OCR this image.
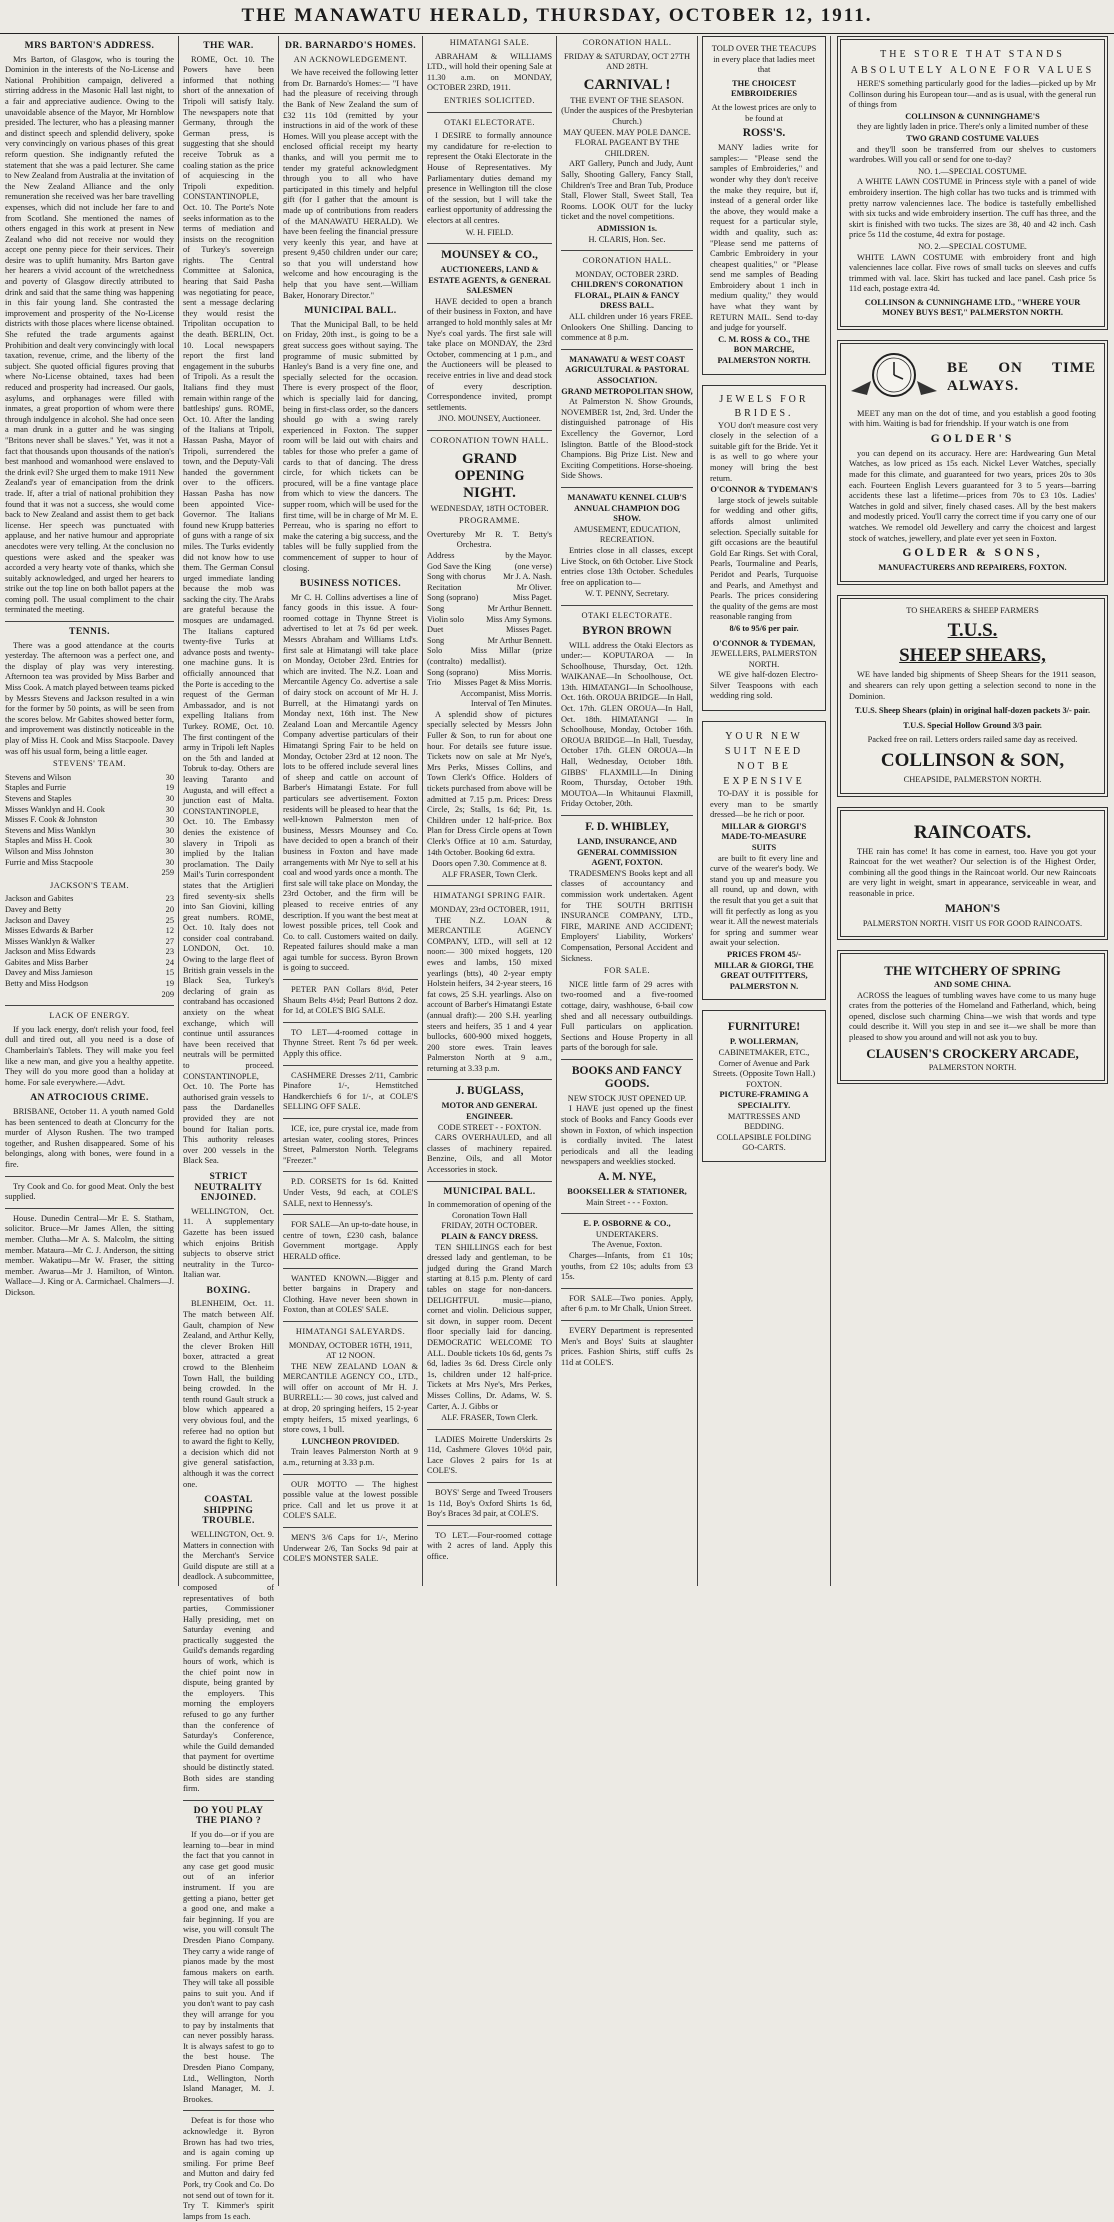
THE MANAWATU HERALD, THURSDAY, OCTOBER 12, 1911.
MRS BARTON'S ADDRESS.

Mrs Barton, of Glasgow, who is touring the Dominion in the interests of the No-License and National Prohibition campaign, delivered a stirring address in the Masonic Hall last night, to a fair and appreciative audience. Owing to the unavoidable absence of the Mayor, Mr Hornblow presided. The lecturer, who has a pleasing manner and distinct speech and splendid delivery, spoke very convincingly on various phases of this great reform question. She indignantly refuted the statement that she was a paid lecturer. She came to New Zealand from Australia at the invitation of the New Zealand Alliance and the only remuneration she received was her bare travelling expenses, which did not include her fare to and from Scotland. She mentioned the names of others engaged in this work at present in New Zealand who did not receive nor would they accept one penny piece for their services. Their desire was to uplift humanity. Mrs Barton gave her hearers a vivid account of the wretchedness and poverty of Glasgow directly attributed to drink and said that the same thing was happening in this fair young land. She contrasted the improvement and prosperity of the No-License districts with those places where license obtained. She refuted the trade arguments against Prohibition and dealt very convincingly with local taxation, revenue, crime, and the liberty of the subject. She quoted official figures proving that where No-License obtained, taxes had been reduced and prosperity had increased. Our gaols, asylums, and orphanages were filled with inmates, a great proportion of whom were there through indulgence in alcohol. She had once seen a man drunk in a gutter and he was singing "Britons never shall be slaves." Yet, was it not a fact that thousands upon thousands of the nation's best manhood and womanhood were enslaved to the drink evil? She urged them to make 1911 New Zealand's year of emancipation from the drink trade. If, after a trial of national prohibition they found that it was not a success, she would come back to New Zealand and assist them to get back license. Her speech was punctuated with applause, and her native humour and appropriate anecdotes were very telling. At the conclusion no questions were asked and the speaker was accorded a very hearty vote of thanks, which she suitably acknowledged, and urged her hearers to strike out the top line on both ballot papers at the coming poll. The usual compliment to the chair terminated the meeting.

TENNIS.

There was a good attendance at the courts yesterday. The afternoon was a perfect one, and the display of play was very interesting. Afternoon tea was provided by Miss Barber and Miss Cook. A match played between teams picked by Messrs Stevens and Jackson resulted in a win for the former by 50 points, as will be seen from the scores below. Mr Gabites showed better form, and improvement was distinctly noticeable in the play of Miss H. Cook and Miss Stacpoole. Davey was off his usual form, being a little eager.

STEVENS' TEAM.
Stevens and Wilson	30
Staples and Furrie	19
Stevens and Staples	30
Misses Wanklyn and H. Cook	30
Misses F. Cook & Johnston	30
Stevens and Miss Wanklyn	30
Staples and Miss H. Cook	30
Wilson and Miss Johnston	30
Furrie and Miss Stacpoole	30
259
JACKSON'S TEAM.
Jackson and Gabites	23
Davey and Betty	20
Jackson and Davey	25
Misses Edwards & Barber	12
Misses Wanklyn & Walker	27
Jackson and Miss Edwards	23
Gabites and Miss Barber	24
Davey and Miss Jamieson	15
Betty and Miss Hodgson	19
209
LACK OF ENERGY.

If you lack energy, don't relish your food, feel dull and tired out, all you need is a dose of Chamberlain's Tablets. They will make you feel like a new man, and give you a healthy appetite. They will do you more good than a holiday at home. For sale everywhere.—Advt.

AN ATROCIOUS CRIME.

BRISBANE, October 11. A youth named Gold has been sentenced to death at Cloncurry for the murder of Alyson Rushen. The two tramped together, and Rushen disappeared. Some of his belongings, along with bones, were found in a fire.

Try Cook and Co. for good Meat. Only the best supplied.

House. Dunedin Central—Mr E. S. Statham, solicitor. Bruce—Mr James Allen, the sitting member. Clutha—Mr A. S. Malcolm, the sitting member. Mataura—Mr C. J. Anderson, the sitting member. Wakatipu—Mr W. Fraser, the sitting member. Awarua—Mr J. Hamilton, of Winton. Wallace—J. King or A. Carmichael. Chalmers—J. Dickson.

THE WAR.

ROME, Oct. 10. The Powers have been informed that nothing short of the annexation of Tripoli will satisfy Italy. The newspapers note that Germany, through the German press, is suggesting that she should receive Tobruk as a coaling station as the price of acquiescing in the Tripoli expedition. CONSTANTINOPLE, Oct. 10. The Porte's Note seeks information as to the terms of mediation and insists on the recognition of Turkey's sovereign rights. The Central Committee at Salonica, hearing that Said Pasha was negotiating for peace, sent a message declaring they would resist the Tripolitan occupation to the death. BERLIN, Oct. 10. Local newspapers report the first land engagement in the suburbs of Tripoli. As a result the Italians find they must remain within range of the battleships' guns. ROME, Oct. 10. After the landing of the Italians at Tripoli, Hassan Pasha, Mayor of Tripoli, surrendered the town, and the Deputy-Vali handed the government over to the officers. Hassan Pasha has now been appointed Vice-Governor. The Italians found new Krupp batteries of guns with a range of six miles. The Turks evidently did not know how to use them. The German Consul urged immediate landing because the mob was sacking the city. The Arabs are grateful because the mosques are undamaged. The Italians captured twenty-five Turks at advance posts and twenty-one machine guns. It is officially announced that the Porte is acceding to the request of the German Ambassador, and is not expelling Italians from Turkey. ROME, Oct. 10. The first contingent of the army in Tripoli left Naples on the 5th and landed at Tobruk to-day. Others are leaving Taranto and Augusta, and will effect a junction east of Malta. CONSTANTINOPLE, Oct. 10. The Embassy denies the existence of slavery in Tripoli as implied by the Italian proclamation. The Daily Mail's Turin correspondent states that the Artiglieri fired seventy-six shells into San Giovini, killing great numbers. ROME, Oct. 10. Italy does not consider coal contraband. LONDON, Oct. 10. Owing to the large fleet of British grain vessels in the Black Sea, Turkey's declaring of grain as contraband has occasioned anxiety on the wheat exchange, which will continue until assurances have been received that neutrals will be permitted to proceed. CONSTANTINOPLE, Oct. 10. The Porte has authorised grain vessels to pass the Dardanelles provided they are not bound for Italian ports. This authority releases over 200 vessels in the Black Sea.

STRICT NEUTRALITY ENJOINED.

WELLINGTON, Oct. 11. A supplementary Gazette has been issued which enjoins British subjects to observe strict neutrality in the Turco-Italian war.

BOXING.

BLENHEIM, Oct. 11. The match between Alf. Gault, champion of New Zealand, and Arthur Kelly, the clever Broken Hill boxer, attracted a great crowd to the Blenheim Town Hall, the building being crowded. In the tenth round Gault struck a blow which appeared a very obvious foul, and the referee had no option but to award the fight to Kelly, a decision which did not give general satisfaction, although it was the correct one.

COASTAL SHIPPING TROUBLE.

WELLINGTON, Oct. 9. Matters in connection with the Merchant's Service Guild dispute are still at a deadlock. A subcommittee, composed of representatives of both parties, Commissioner Hally presiding, met on Saturday evening and practically suggested the Guild's demands regarding hours of work, which is the chief point now in dispute, being granted by the employers. This morning the employers refused to go any further than the conference of Saturday's Conference, while the Guild demanded that payment for overtime should be distinctly stated. Both sides are standing firm.

DO YOU PLAY THE PIANO ?

If you do—or if you are learning to—bear in mind the fact that you cannot in any case get good music out of an inferior instrument. If you are getting a piano, better get a good one, and make a fair beginning. If you are wise, you will consult The Dresden Piano Company. They carry a wide range of pianos made by the most famous makers on earth. They will take all possible pains to suit you. And if you don't want to pay cash they will arrange for you to pay by instalments that can never possibly harass. It is always safest to go to the best house. The Dresden Piano Company, Ltd., Wellington, North Island Manager, M. J. Brookes.

Defeat is for those who acknowledge it. Byron Brown has had two tries, and is again coming up smiling. For prime Beef and Mutton and dairy fed Pork, try Cook and Co. Do not send out of town for it. Try T. Kimmer's spirit lamps from 1s each.

DR. BARNARDO'S HOMES.
AN ACKNOWLEDGEMENT.

We have received the following letter from Dr. Barnardo's Homes:— "I have had the pleasure of receiving through the Bank of New Zealand the sum of £32 11s 10d (remitted by your instructions in aid of the work of these Homes. Will you please accept with the enclosed official receipt my hearty thanks, and will you permit me to tender my grateful acknowledgment through you to all who have participated in this timely and helpful gift (for I gather that the amount is made up of contributions from readers of the MANAWATU HERALD). We have been feeling the financial pressure very keenly this year, and have at present 9,450 children under our care; so that you will understand how welcome and how encouraging is the help that you have sent.—William Baker, Honorary Director."

MUNICIPAL BALL.

That the Municipal Ball, to be held on Friday, 20th inst., is going to be a great success goes without saying. The programme of music submitted by Hanley's Band is a very fine one, and specially selected for the occasion. There is every prospect of the floor, which is specially laid for dancing, being in first-class order, so the dancers should go with a swing rarely experienced in Foxton. The supper room will be laid out with chairs and tables for those who prefer a game of cards to that of dancing. The dress circle, for which tickets can be procured, will be a fine vantage place from which to view the dancers. The supper room, which will be used for the first time, will be in charge of Mr M. E. Perreau, who is sparing no effort to make the catering a big success, and the tables will be fully supplied from the commencement of supper to hour of closing.

BUSINESS NOTICES.

Mr C. H. Collins advertises a line of fancy goods in this issue. A four-roomed cottage in Thynne Street is advertised to let at 7s 6d per week. Messrs Abraham and Williams Ltd's. first sale at Himatangi will take place on Monday, October 23rd. Entries for which are invited. The N.Z. Loan and Mercantile Agency Co. advertise a sale of dairy stock on account of Mr H. J. Burrell, at the Himatangi yards on Monday next, 16th inst. The New Zealand Loan and Mercantile Agency Company advertise particulars of their Himatangi Spring Fair to be held on Monday, October 23rd at 12 noon. The lots to be offered include several lines of sheep and cattle on account of Barber's Himatangi Estate. For full particulars see advertisement. Foxton residents will be pleased to hear that the well-known Palmerston men of business, Messrs Mounsey and Co. have decided to open a branch of their business in Foxton and have made arrangements with Mr Nye to sell at his coal and wood yards once a month. The first sale will take place on Monday, the 23rd October, and the firm will be pleased to receive entries of any description. If you want the best meat at lowest possible prices, tell Cook and Co. to call. Customers waited on daily. Repeated failures should make a man agai tumble for success. Byron Brown is going to succeed.

PETER PAN Collars 8½d, Peter Shaum Belts 4½d; Pearl Buttons 2 doz. for 1d, at COLE'S BIG SALE.

TO LET—4-roomed cottage in Thynne Street. Rent 7s 6d per week. Apply this office.

CASHMERE Dresses 2/11, Cambric Pinafore 1/-, Hemstitched Handkerchiefs 6 for 1/-, at COLE'S SELLING OFF SALE.

ICE, ice, pure crystal ice, made from artesian water, cooling stores, Princes Street, Palmerston North. Telegrams "Freezer."

P.D. CORSETS for 1s 6d. Knitted Under Vests, 9d each, at COLE'S SALE, next to Hennessy's.

FOR SALE—An up-to-date house, in centre of town, £230 cash, balance Government mortgage. Apply HERALD office.

WANTED KNOWN.—Bigger and better bargains in Drapery and Clothing. Have never been shown in Foxton, than at COLES' SALE.

HIMATANGI SALEYARDS.
MONDAY, OCTOBER 16TH, 1911, AT 12 NOON.

THE NEW ZEALAND LOAN & MERCANTILE AGENCY CO., LTD., will offer on account of Mr H. J. BURRELL:— 30 cows, just calved and at drop, 20 springing heifers, 15 2-year empty heifers, 15 mixed yearlings, 6 store cows, 1 bull.

LUNCHEON PROVIDED.

Train leaves Palmerston North at 9 a.m., returning at 3.33 p.m.

OUR MOTTO — The highest possible value at the lowest possible price. Call and let us prove it at COLE'S SALE.

MEN'S 3/6 Caps for 1/-, Merino Underwear 2/6, Tan Socks 9d pair at COLE'S MONSTER SALE.

HIMATANGI SALE.

ABRAHAM & WILLIAMS LTD., will hold their opening Sale at 11.30 a.m. on MONDAY, OCTOBER 23RD, 1911.

ENTRIES SOLICITED.
OTAKI ELECTORATE.

I DESIRE to formally announce my candidature for re-election to represent the Otaki Electorate in the House of Representatives. My Parliamentary duties demand my presence in Wellington till the close of the session, but I will take the earliest opportunity of addressing the electors at all centres.

W. H. FIELD.
MOUNSEY & CO.,
AUCTIONEERS, LAND & ESTATE AGENTS, & GENERAL SALESMEN

HAVE decided to open a branch of their business in Foxton, and have arranged to hold monthly sales at Mr Nye's coal yards. The first sale will take place on MONDAY, the 23rd October, commencing at 1 p.m., and the Auctioneers will be pleased to receive entries in live and dead stock of every description. Correspondence invited, prompt settlements.

JNO. MOUNSEY, Auctioneer.
CORONATION TOWN HALL.
GRAND OPENING NIGHT.
WEDNESDAY, 18TH OCTOBER.
PROGRAMME.
Overture by Mr R. T. Betty's Orchestra.
Address	by the Mayor.
God Save the King	(one verse)
Song with chorus Mr J. A. Nash.
Recitation	Mr Oliver.
Song (soprano)	Miss Paget.
Song	Mr Arthur Bennett.
Violin solo	Miss Amy Symons.
Duet	Misses Paget.
Song	Mr Arthur Bennett.
Solo (contralto)
Miss Millar (prize medallist).
Song (soprano)	Miss Morris.
Trio Misses Paget & Miss Morris.
Accompanist, Miss Morris.
Interval of Ten Minutes.

A splendid show of pictures specially selected by Messrs John Fuller & Son, to run for about one hour. For details see future issue. Tickets now on sale at Mr Nye's, Mrs Perks, Misses Collins, and Town Clerk's Office. Holders of tickets purchased from above will be admitted at 7.15 p.m. Prices: Dress Circle, 2s; Stalls, 1s 6d; Pit, 1s. Children under 12 half-price. Box Plan for Dress Circle opens at Town Clerk's Office at 10 a.m. Saturday, 14th October. Booking 6d extra.

Doors open 7.30. Commence at 8.
ALF FRASER, Town Clerk.
HIMATANGI SPRING FAIR.
MONDAY, 23rd OCTOBER, 1911,

THE N.Z. LOAN & MERCANTILE AGENCY COMPANY, LTD., will sell at 12 noon:— 300 mixed hoggets, 120 ewes and lambs, 150 mixed yearlings (btts), 40 2-year empty Holstein heifers, 34 2-year steers, 16 fat cows, 25 S.H. yearlings. Also on account of Barber's Himatangi Estate (annual draft):— 200 S.H. yearling steers and heifers, 35 1 and 4 year bullocks, 600-900 mixed hoggets, 200 store ewes. Train leaves Palmerston North at 9 a.m., returning at 3.33 p.m.

J. BUGLASS,
MOTOR AND GENERAL ENGINEER.
CODE STREET - - FOXTON.

CARS OVERHAULED, and all classes of machinery repaired. Benzine, Oils, and all Motor Accessories in stock.

MUNICIPAL BALL.
In commemoration of opening of the Coronation Town Hall
FRIDAY, 20TH OCTOBER.
PLAIN & FANCY DRESS.

TEN SHILLINGS each for best dressed lady and gentleman, to be judged during the Grand March starting at 8.15 p.m. Plenty of card tables on stage for non-dancers. DELIGHTFUL music—piano, cornet and violin. Delicious supper, sit down, in supper room. Decent floor specially laid for dancing. DEMOCRATIC WELCOME TO ALL. Double tickets 10s 6d, gents 7s 6d, ladies 3s 6d. Dress Circle only 1s, children under 12 half-price. Tickets at Mrs Nye's, Mrs Perkes, Misses Collins, Dr. Adams, W. S. Carter, A. J. Gibbs or

ALF. FRASER, Town Clerk.

LADIES Moirette Underskirts 2s 11d, Cashmere Gloves 10½d pair, Lace Gloves 2 pairs for 1s at COLE'S.

BOYS' Serge and Tweed Trousers 1s 11d, Boy's Oxford Shirts 1s 6d, Boy's Braces 3d pair, at COLE'S.

TO LET.—Four-roomed cottage with 2 acres of land. Apply this office.

CORONATION HALL.
FRIDAY & SATURDAY, OCT 27TH AND 28TH.
CARNIVAL !
THE EVENT OF THE SEASON.
(Under the auspices of the Presbyterian Church.)
MAY QUEEN. MAY POLE DANCE.
FLORAL PAGEANT BY THE CHILDREN.

ART Gallery, Punch and Judy, Aunt Sally, Shooting Gallery, Fancy Stall, Children's Tree and Bran Tub, Produce Stall, Flower Stall, Sweet Stall, Tea Rooms. LOOK OUT for the lucky ticket and the novel competitions.

ADMISSION 1s.
H. CLARIS, Hon. Sec.
CORONATION HALL.
MONDAY, OCTOBER 23RD.
CHILDREN'S CORONATION FLORAL, PLAIN & FANCY DRESS BALL.

ALL children under 16 years FREE. Onlookers One Shilling. Dancing to commence at 8 p.m.

MANAWATU & WEST COAST AGRICULTURAL & PASTORAL ASSOCIATION.
GRAND METROPOLITAN SHOW,

At Palmerston N. Show Grounds, NOVEMBER 1st, 2nd, 3rd. Under the distinguished patronage of His Excellency the Governor, Lord Islington. Battle of the Blood-stock Champions. Big Prize List. New and Exciting Competitions. Horse-shoeing. Side Shows.

MANAWATU KENNEL CLUB'S ANNUAL CHAMPION DOG SHOW.
AMUSEMENT, EDUCATION, RECREATION.

Entries close in all classes, except Live Stock, on 6th October. Live Stock entries close 13th October. Schedules free on application to—

W. T. PENNY, Secretary.
OTAKI ELECTORATE.
BYRON BROWN

WILL address the Otaki Electors as under:— KOPUTAROA — In Schoolhouse, Thursday, Oct. 12th. WAIKANAE—In Schoolhouse, Oct. 13th. HIMATANGI—In Schoolhouse, Oct. 16th. OROUA BRIDGE—In Hall, Oct. 17th. GLEN OROUA—In Hall, Oct. 18th. HIMATANGI — In Schoolhouse, Monday, October 16th. OROUA BRIDGE—In Hall, Tuesday, October 17th. GLEN OROUA—In Hall, Wednesday, October 18th. GIBBS' FLAXMILL—In Dining Room, Thursday, October 19th. MOUTOA—In Whitaunui Flaxmill, Friday October, 20th.

F. D. WHIBLEY,
LAND, INSURANCE, AND GENERAL COMMISSION AGENT, FOXTON.

TRADESMEN'S Books kept and all classes of accountancy and commission work undertaken. Agent for THE SOUTH BRITISH INSURANCE COMPANY, LTD., FIRE, MARINE AND ACCIDENT; Employers' Liability, Workers' Compensation, Personal Accident and Sickness.

FOR SALE.

NICE little farm of 29 acres with two-roomed and a five-roomed cottage, dairy, washhouse, 6-bail cow shed and all necessary outbuildings. Full particulars on application. Sections and House Property in all parts of the borough for sale.

BOOKS AND FANCY GOODS.
NEW STOCK JUST OPENED UP.

I HAVE just opened up the finest stock of Books and Fancy Goods ever shown in Foxton, of which inspection is cordially invited. The latest periodicals and all the leading newspapers and weeklies stocked.

A. M. NYE,
BOOKSELLER & STATIONER,
Main Street - - - Foxton.
E. P. OSBORNE & CO.,
UNDERTAKERS.
The Avenue, Foxton.

Charges—Infants, from £1 10s; youths, from £2 10s; adults from £3 15s.

FOR SALE—Two ponies. Apply, after 6 p.m. to Mr Chalk, Union Street.

EVERY Department is represented Men's and Boys' Suits at slaughter prices. Fashion Shirts, stiff cuffs 2s 11d at COLE'S.

TOLD OVER THE TEACUPS in every place that ladies meet that
THE CHOICEST EMBROIDERIES
At the lowest prices are only to be found at
ROSS'S.

MANY ladies write for samples:— "Please send the samples of Embroideries," and wonder why they don't receive the make they require, but if, instead of a general order like the above, they would make a request for a particular style, width and quality, such as: "Please send me patterns of Cambric Embroidery in your cheapest qualities," or "Please send me samples of Beading Embroidery about 1 inch in medium quality," they would have what they want by RETURN MAIL. Send to-day and judge for yourself.

C. M. ROSS & CO., THE BON MARCHE, PALMERSTON NORTH.
JEWELS FOR BRIDES.

YOU don't measure cost very closely in the selection of a suitable gift for the Bride. Yet it is as well to go where your money will bring the best return.

O'CONNOR & TYDEMAN'S

large stock of jewels suitable for wedding and other gifts, affords almost unlimited selection. Specially suitable for gift occasions are the beautiful Gold Ear Rings. Set with Coral, Pearls, Tourmaline and Pearls, Peridot and Pearls, Turquoise and Pearls, and Amethyst and Pearls. The prices considering the quality of the gems are most reasonable ranging from

8/6 to 95/6 per pair.
O'CONNOR & TYDEMAN,
JEWELLERS, PALMERSTON NORTH.

WE give half-dozen Electro-Silver Teaspoons with each wedding ring sold.

YOUR NEW SUIT NEED NOT BE EXPENSIVE

TO-DAY it is possible for every man to be smartly dressed—be he rich or poor.

MILLAR & GIORGI'S MADE-TO-MEASURE SUITS

are built to fit every line and curve of the wearer's body. We stand you up and measure you all round, up and down, with the result that you get a suit that will fit perfectly as long as you wear it. All the newest materials for spring and summer wear await your selection.

PRICES FROM 45/-
MILLAR & GIORGI, THE GREAT OUTFITTERS, PALMERSTON N.
FURNITURE!
P. WOLLERMAN,
CABINETMAKER, ETC.,
Corner of Avenue and Park Streets. (Opposite Town Hall.) FOXTON.
PICTURE-FRAMING A SPECIALITY.
MATTRESSES AND BEDDING.
COLLAPSIBLE FOLDING GO-CARTS.
THE STORE THAT STANDS ABSOLUTELY ALONE FOR VALUES

HERE'S something particularly good for the ladies—picked up by Mr Collinson during his European tour—and as is usual, with the general run of things from

COLLINSON & CUNNINGHAME'S

they are lightly laden in price. There's only a limited number of these

TWO GRAND COSTUME VALUES

and they'll soon be transferred from our shelves to customers wardrobes. Will you call or send for one to-day?

NO. 1.—SPECIAL COSTUME.

A WHITE LAWN COSTUME in Princess style with a panel of wide embroidery insertion. The high collar has two tucks and is trimmed with pretty narrow valenciennes lace. The bodice is tastefully embellished with six tucks and wide embroidery insertion. The cuff has three, and the skirt is finished with two tucks. The sizes are 38, 40 and 42 inch. Cash price 5s 11d the costume, 4d extra for postage.

NO. 2.—SPECIAL COSTUME.

WHITE LAWN COSTUME with embroidery front and high valenciennes lace collar. Five rows of small tucks on sleeves and cuffs trimmed with val. lace. Skirt has tucked and lace panel. Cash price 5s 11d each, postage extra 4d.

COLLINSON & CUNNINGHAME LTD., "WHERE YOUR MONEY BUYS BEST," PALMERSTON NORTH.
BE ON TIME ALWAYS.

MEET any man on the dot of time, and you establish a good footing with him. Waiting is bad for friendship. If your watch is one from

GOLDER'S

you can depend on its accuracy. Here are: Hardwearing Gun Metal Watches, as low priced as 15s each. Nickel Lever Watches, specially made for this climate, and guaranteed for two years, prices 20s to 30s each. Fourteen English Levers guaranteed for 3 to 5 years—barring accidents these last a lifetime—prices from 70s to £3 10s. Ladies' Watches in gold and silver, finely chased cases. All by the best makers and modestly priced. You'll carry the correct time if you carry one of our watches. We remodel old Jewellery and carry the choicest and largest stock of watches, jewellery, and plate ever yet seen in Foxton.

GOLDER & SONS,
MANUFACTURERS AND REPAIRERS, FOXTON.
TO SHEARERS & SHEEP FARMERS
T.U.S.
SHEEP SHEARS,

WE have landed big shipments of Sheep Shears for the 1911 season, and shearers can rely upon getting a selection second to none in the Dominion.

T.U.S. Sheep Shears (plain) in original half-dozen packets 3/- pair.
T.U.S. Special Hollow Ground 3/3 pair.
Packed free on rail. Letters orders railed same day as received.
COLLINSON & SON,
CHEAPSIDE, PALMERSTON NORTH.
RAINCOATS.

THE rain has come! It has come in earnest, too. Have you got your Raincoat for the wet weather? Our selection is of the Highest Order, combining all the good things in the Raincoat world. Our new Raincoats are very light in weight, smart in appearance, serviceable in wear, and reasonable in price.

MAHON'S
PALMERSTON NORTH. VISIT US FOR GOOD RAINCOATS.
THE WITCHERY OF SPRING
AND SOME CHINA.

ACROSS the leagues of tumbling waves have come to us many huge crates from the potteries of the Homeland and Fatherland, which, being opened, disclose such charming China—we wish that words and type could describe it. Will you step in and see it—we shall be more than pleased to show you around and will not ask you to buy.

CLAUSEN'S CROCKERY ARCADE,
PALMERSTON NORTH.
